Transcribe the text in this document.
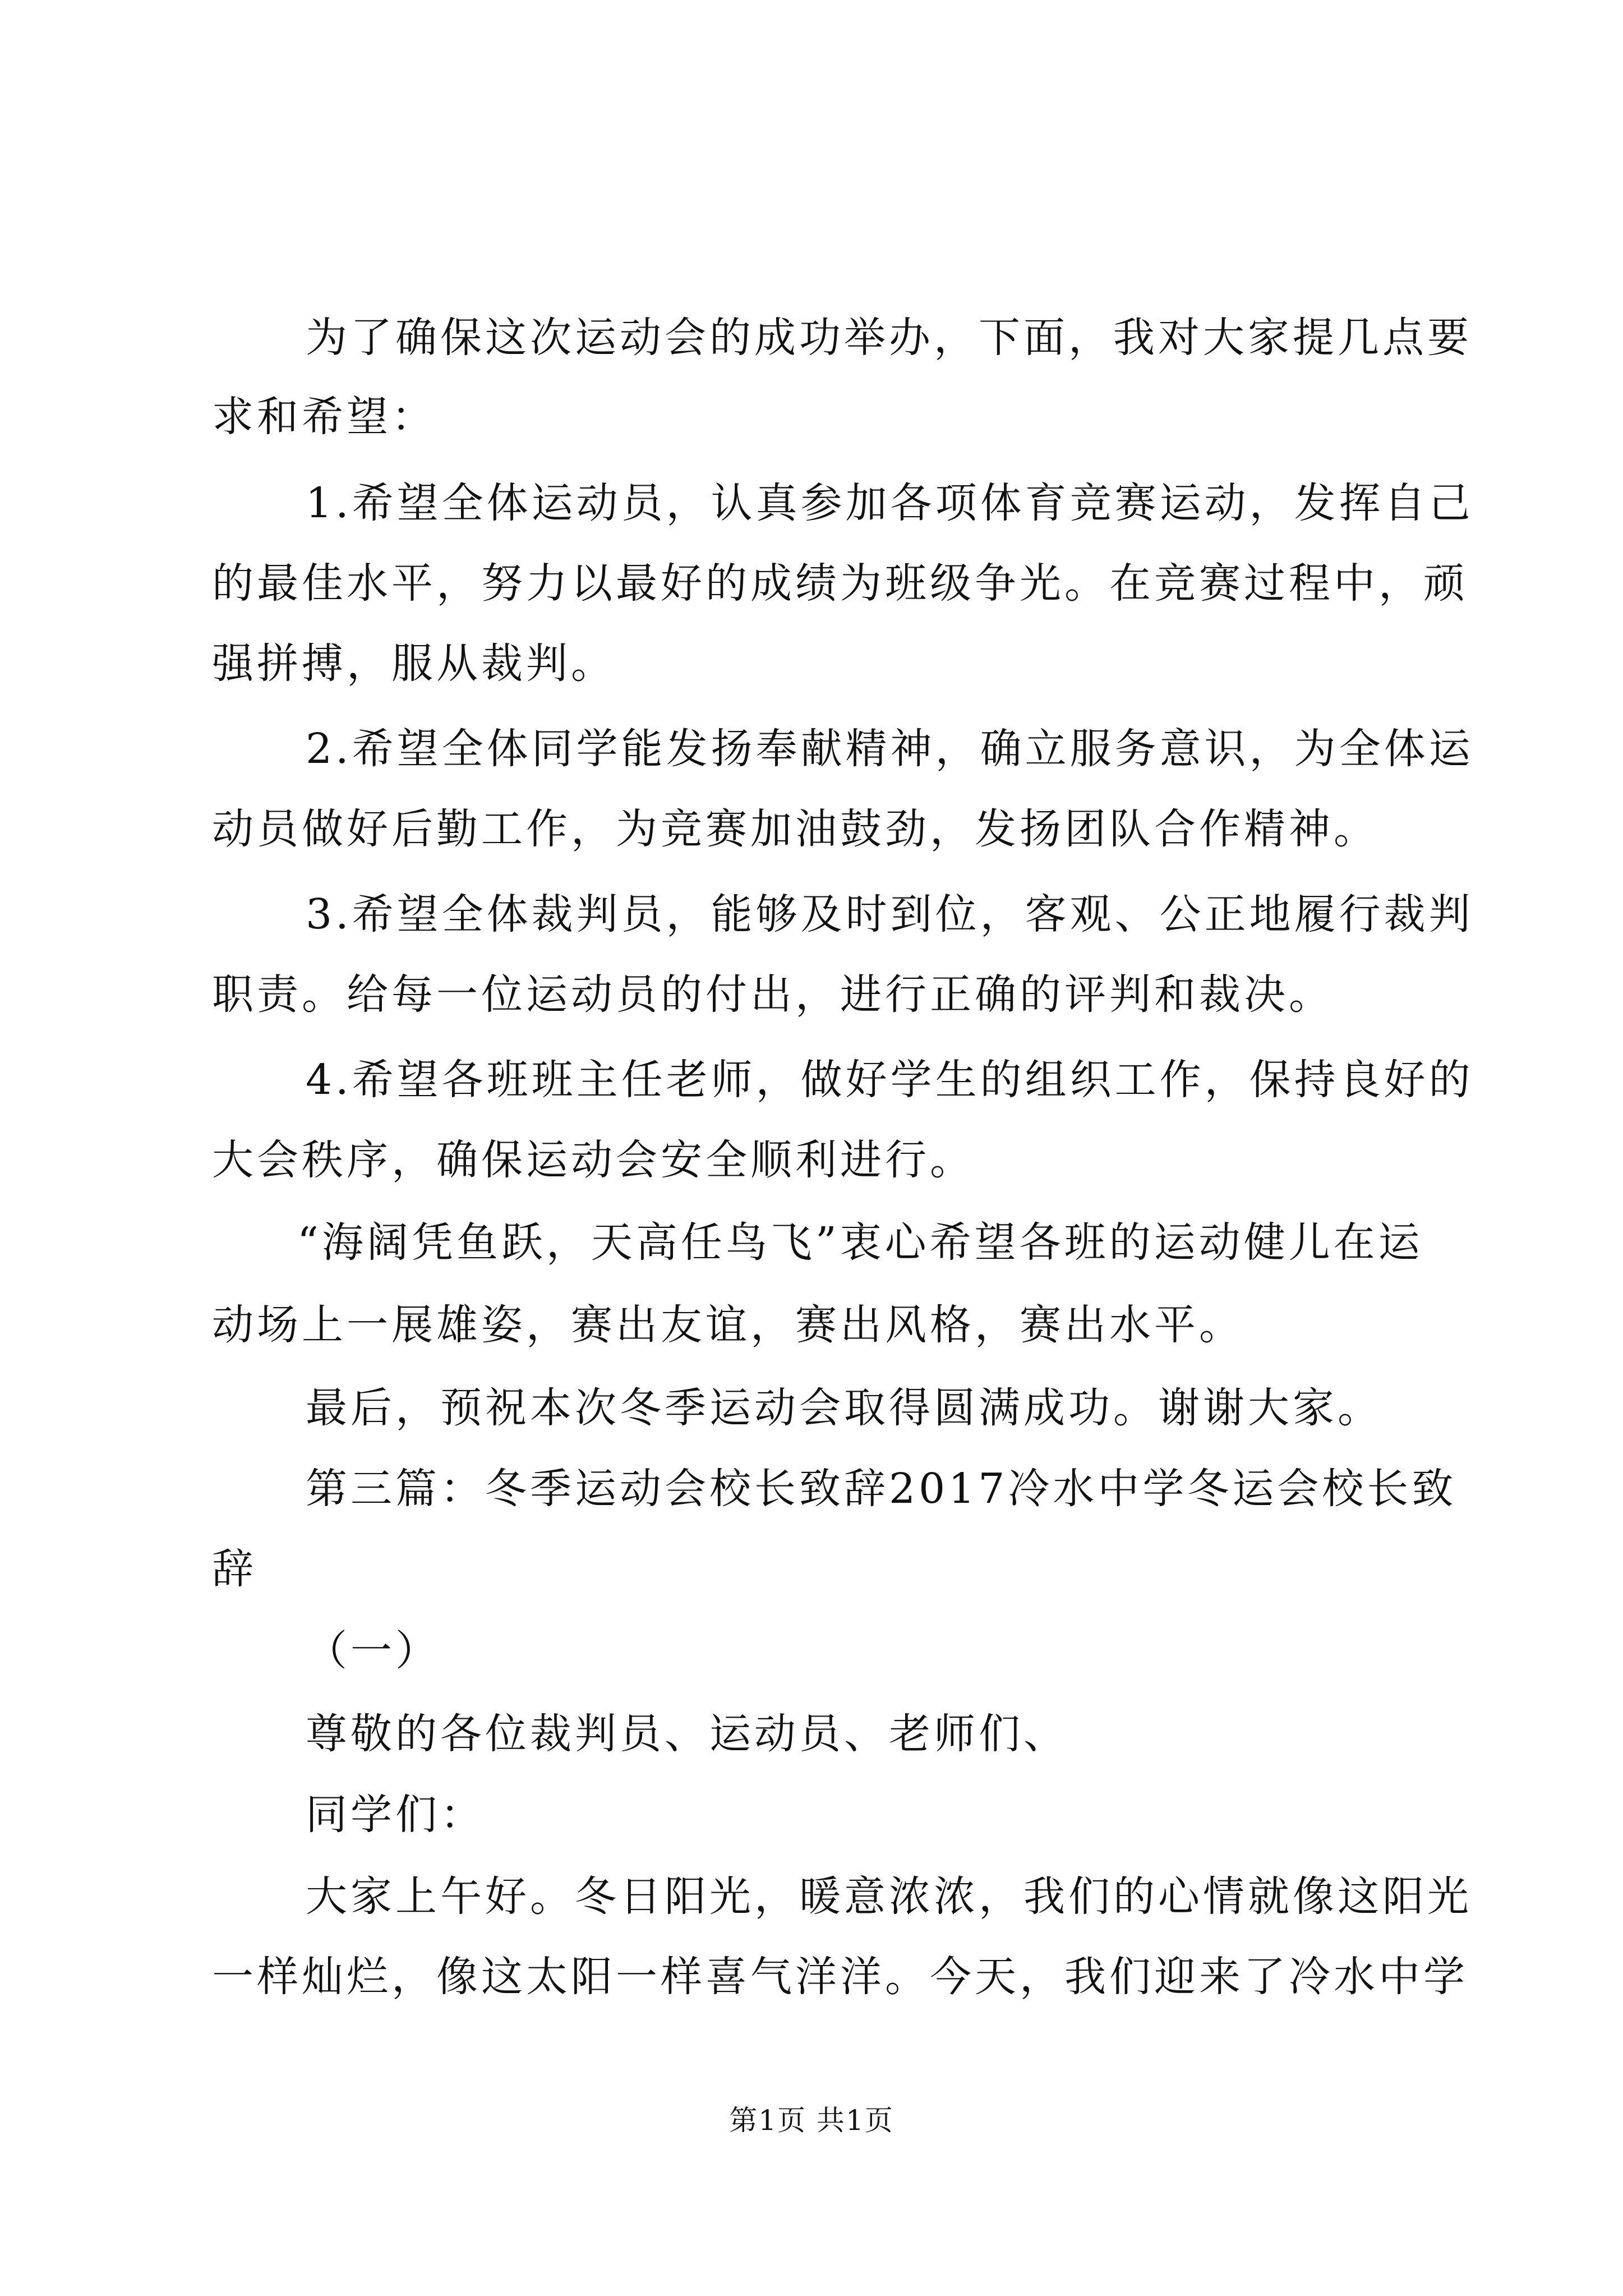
为了确保这次运动会的成功举办，下面，我对大家提几点要
求和希望：
1.希望全体运动员，认真参加各项体育竞赛运动，发挥自己
的最佳水平，努力以最好的成绩为班级争光。在竞赛过程中，顽
强拼搏，服从裁判。
2.希望全体同学能发扬奉献精神，确立服务意识，为全体运
动员做好后勤工作，为竞赛加油鼓劲，发扬团队合作精神。
3.希望全体裁判员，能够及时到位，客观、公正地履行裁判
职责。给每一位运动员的付出，进行正确的评判和裁决。
4.希望各班班主任老师，做好学生的组织工作，保持良好的
大会秩序，确保运动会安全顺利进行。
“海阔凭鱼跃，天高任鸟飞”衷心希望各班的运动健儿在运
动场上一展雄姿，赛出友谊，赛出风格，赛出水平。
最后，预祝本次冬季运动会取得圆满成功。谢谢大家。
第三篇：冬季运动会校长致辞2017冷水中学冬运会校长致
辞
（一）
尊敬的各位裁判员、运动员、老师们、
同学们：
大家上午好。冬日阳光，暖意浓浓，我们的心情就像这阳光
一样灿烂，像这太阳一样喜气洋洋。今天，我们迎来了冷水中学
第1页 共1页
